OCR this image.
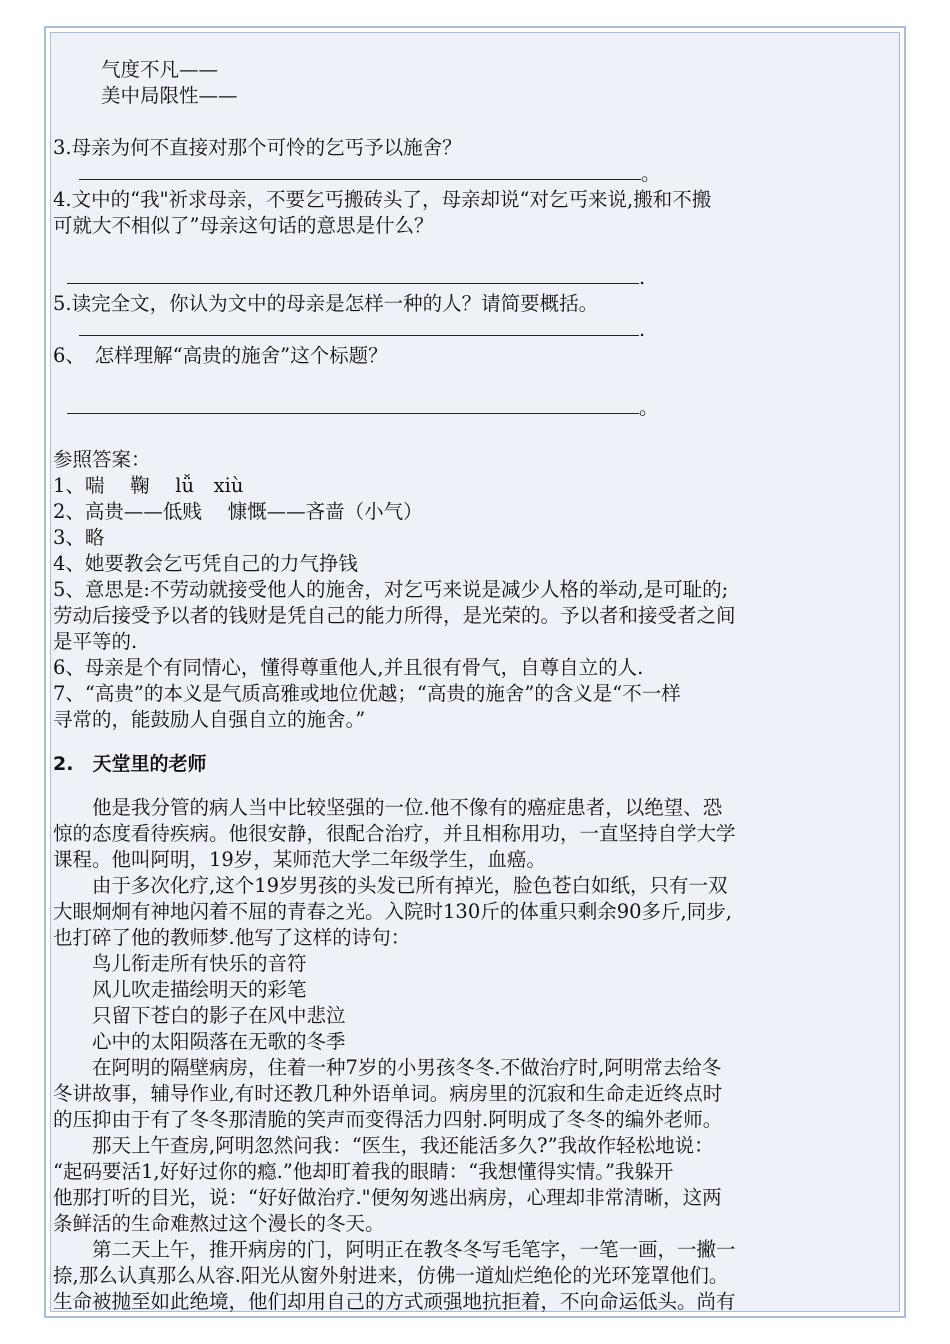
气度不凡——
美中局限性——
3.母亲为何不直接对那个可怜的乞丐予以施舍？
。
4.文中的“我"祈求母亲，不要乞丐搬砖头了，母亲却说“对乞丐来说,搬和不搬
可就大不相似了”母亲这句话的意思是什么？
.
5.读完全文，你认为文中的母亲是怎样一种的人？请简要概括。
.
6、　怎样理解“高贵的施舍”这个标题？
。
参照答案：
1、喘　 鞠　 lǚ　xiù
2、高贵——低贱　 慷慨——吝啬（小气）
3、略
4、她要教会乞丐凭自己的力气挣钱
5、意思是:不劳动就接受他人的施舍，对乞丐来说是减少人格的举动,是可耻的;
劳动后接受予以者的钱财是凭自己的能力所得，是光荣的。予以者和接受者之间
是平等的.
6、母亲是个有同情心，懂得尊重他人,并且很有骨气，自尊自立的人.
7、“高贵”的本义是气质高雅或地位优越；“高贵的施舍”的含义是“不一样
寻常的，能鼓励人自强自立的施舍。”
2.　天堂里的老师
　　他是我分管的病人当中比较坚强的一位.他不像有的癌症患者，以绝望、恐
惊的态度看待疾病。他很安静，很配合治疗，并且相称用功，一直坚持自学大学
课程。他叫阿明，19岁，某师范大学二年级学生，血癌。
　　由于多次化疗,这个19岁男孩的头发已所有掉光，脸色苍白如纸，只有一双
大眼炯炯有神地闪着不屈的青春之光。入院时130斤的体重只剩余90多斤,同步,
也打碎了他的教师梦.他写了这样的诗句：
　　鸟儿衔走所有快乐的音符
　　风儿吹走描绘明天的彩笔
　　只留下苍白的影子在风中悲泣
　　心中的太阳陨落在无歌的冬季
　　在阿明的隔壁病房，住着一种7岁的小男孩冬冬.不做治疗时,阿明常去给冬
冬讲故事，辅导作业,有时还教几种外语单词。病房里的沉寂和生命走近终点时
的压抑由于有了冬冬那清脆的笑声而变得活力四射.阿明成了冬冬的编外老师。
　　那天上午查房,阿明忽然问我：“医生，我还能活多久?”我故作轻松地说：
“起码要活1,好好过你的瘾.”他却盯着我的眼睛：“我想懂得实情。”我躲开
他那打听的目光，说：“好好做治疗."便匆匆逃出病房，心理却非常清晰，这两
条鲜活的生命难熬过这个漫长的冬天。
　　第二天上午，推开病房的门，阿明正在教冬冬写毛笔字，一笔一画，一撇一
捺,那么认真那么从容.阳光从窗外射进来，仿佛一道灿烂绝伦的光环笼罩他们。
生命被抛至如此绝境，他们却用自己的方式顽强地抗拒着，不向命运低头。尚有
